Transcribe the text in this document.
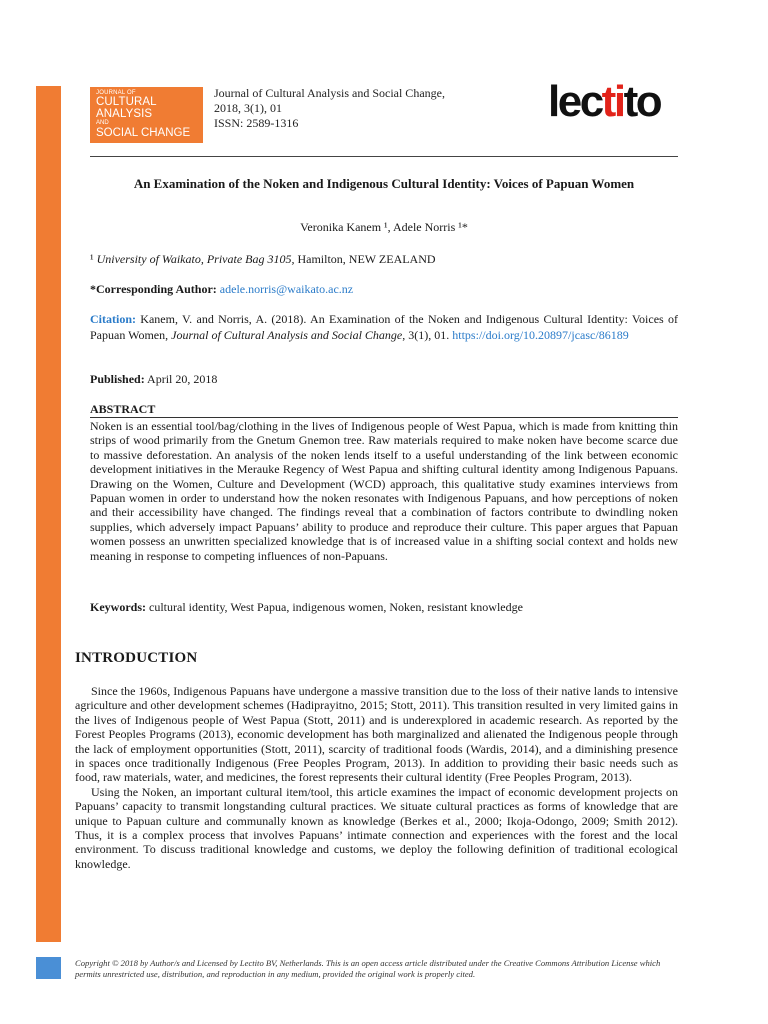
JOURNAL OF
CULTURAL ANALYSIS
AND
SOCIAL CHANGE
Journal of Cultural Analysis and Social Change,
2018, 3(1), 01
ISSN: 2589-1316	lectito
An Examination of the Noken and Indigenous Cultural Identity: Voices of Papuan Women
Veronika Kanem ¹, Adele Norris ¹*
¹ University of Waikato, Private Bag 3105, Hamilton, NEW ZEALAND
*Corresponding Author: adele.norris@waikato.ac.nz
Citation: Kanem, V. and Norris, A. (2018). An Examination of the Noken and Indigenous Cultural Identity: Voices of Papuan Women, Journal of Cultural Analysis and Social Change, 3(1), 01. https://doi.org/10.20897/jcasc/86189
Published: April 20, 2018
ABSTRACT
Noken is an essential tool/bag/clothing in the lives of Indigenous people of West Papua, which is made from knitting thin strips of wood primarily from the Gnetum Gnemon tree. Raw materials required to make noken have become scarce due to massive deforestation. An analysis of the noken lends itself to a useful understanding of the link between economic development initiatives in the Merauke Regency of West Papua and shifting cultural identity among Indigenous Papuans. Drawing on the Women, Culture and Development (WCD) approach, this qualitative study examines interviews from Papuan women in order to understand how the noken resonates with Indigenous Papuans, and how perceptions of noken and their accessibility have changed. The findings reveal that a combination of factors contribute to dwindling noken supplies, which adversely impact Papuans’ ability to produce and reproduce their culture. This paper argues that Papuan women possess an unwritten specialized knowledge that is of increased value in a shifting social context and holds new meaning in response to competing influences of non-Papuans.
Keywords: cultural identity, West Papua, indigenous women, Noken, resistant knowledge
INTRODUCTION

Since the 1960s, Indigenous Papuans have undergone a massive transition due to the loss of their native lands to intensive agriculture and other development schemes (Hadiprayitno, 2015; Stott, 2011). This transition resulted in very limited gains in the lives of Indigenous people of West Papua (Stott, 2011) and is underexplored in academic research. As reported by the Forest Peoples Programs (2013), economic development has both marginalized and alienated the Indigenous people through the lack of employment opportunities (Stott, 2011), scarcity of traditional foods (Wardis, 2014), and a diminishing presence in spaces once traditionally Indigenous (Free Peoples Program, 2013). In addition to providing their basic needs such as food, raw materials, water, and medicines, the forest represents their cultural identity (Free Peoples Program, 2013).

Using the Noken, an important cultural item/tool, this article examines the impact of economic development projects on Papuans’ capacity to transmit longstanding cultural practices. We situate cultural practices as forms of knowledge that are unique to Papuan culture and communally known as knowledge (Berkes et al., 2000; Ikoja-Odongo, 2009; Smith 2012). Thus, it is a complex process that involves Papuans’ intimate connection and experiences with the forest and the local environment. To discuss traditional knowledge and customs, we deploy the following definition of traditional ecological knowledge.

Copyright © 2018 by Author/s and Licensed by Lectito BV, Netherlands. This is an open access article distributed under the Creative Commons Attribution License which permits unrestricted use, distribution, and reproduction in any medium, provided the original work is properly cited.
